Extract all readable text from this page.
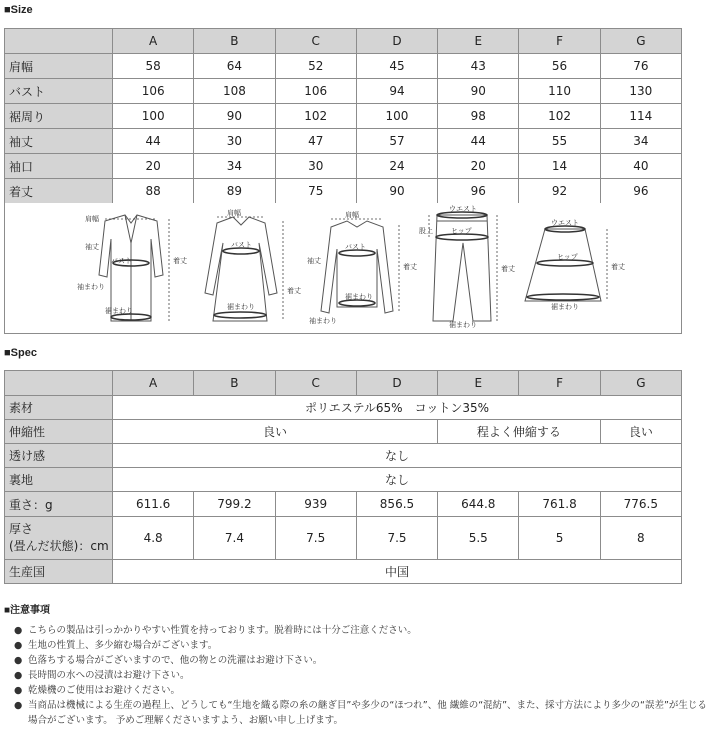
■Size
	A	B	C	D	E	F	G
肩幅	58	64	52	45	43	56	76
バスト	106	108	106	94	90	110	130
裾周り	100	90	102	100	98	102	114
袖丈	44	30	47	57	44	55	34
袖口	20	34	30	24	20	14	40
着丈	88	89	75	90	96	92	96
肩幅
袖丈
バスト
袖まわり
裾まわり
着丈
肩幅
バスト
裾まわり
着丈
肩幅
袖丈
バスト
裾まわり
袖まわり
着丈
ウエスト
ヒップ
股上
裾まわり
着丈
ウエスト
ヒップ
裾まわり
着丈
■Spec
	A	B	C	D	E	F	G
素材	ポリエステル65%　コットン35%						
伸縮性	良い				程よく伸縮する		良い
透け感	なし						
裏地	なし						
重さ：g	611.6	799.2	939	856.5	644.8	761.8	776.5
厚さ
(畳んだ状態)：cm	4.8	7.4	7.5	7.5	5.5	5	8
生産国	中国						
■注意事項
● こちらの製品は引っかかりやすい性質を持っております。脱着時には十分ご注意ください。
● 生地の性質上、多少縮む場合がございます。
● 色落ちする場合がございますので、他の物との洗濯はお避け下さい。
● 長時間の水への浸漬はお避け下さい。
● 乾燥機のご使用はお避けください。
● 当商品は機械による生産の過程上、どうしても“生地を織る際の糸の継ぎ目”や多少の“ほつれ”、他 繊維の“混紡”、また、採寸方法により多少の“誤差”が生じる場合がございます。 予めご理解くださいますよう、お願い申し上げます。
